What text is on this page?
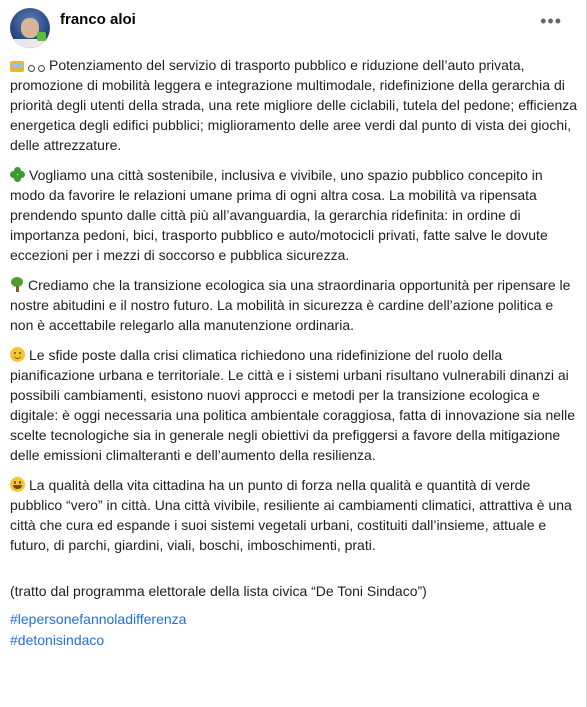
franco aloi	•••

Potenziamento del servizio di trasporto pubblico e riduzione dell’auto privata, promozione di mobilità leggera e integrazione multimodale, ridefinizione della gerarchia di priorità degli utenti della strada, una rete migliore delle ciclabili, tutela del pedone; efficienza energetica degli edifici pubblici; miglioramento delle aree verdi dal punto di vista dei giochi, delle attrezzature.

Vogliamo una città sostenibile, inclusiva e vivibile, uno spazio pubblico concepito in modo da favorire le relazioni umane prima di ogni altra cosa. La mobilità va ripensata prendendo spunto dalle città più all’avanguardia, la gerarchia ridefinita: in ordine di importanza pedoni, bici, trasporto pubblico e auto/motocicli privati, fatte salve le dovute eccezioni per i mezzi di soccorso e pubblica sicurezza.

Crediamo che la transizione ecologica sia una straordinaria opportunità per ripensare le nostre abitudini e il nostro futuro. La mobilità in sicurezza è cardine dell’azione politica e non è accettabile relegarlo alla manutenzione ordinaria.

Le sfide poste dalla crisi climatica richiedono una ridefinizione del ruolo della pianificazione urbana e territoriale. Le città e i sistemi urbani risultano vulnerabili dinanzi ai possibili cambiamenti, esistono nuovi approcci e metodi per la transizione ecologica e digitale: è oggi necessaria una politica ambientale coraggiosa, fatta di innovazione sia nelle scelte tecnologiche sia in generale negli obiettivi da prefiggersi a favore della mitigazione delle emissioni climalteranti e dell’aumento della resilienza.

La qualità della vita cittadina ha un punto di forza nella qualità e quantità di verde pubblico “vero” in città. Una città vivibile, resiliente ai cambiamenti climatici, attrattiva è una città che cura ed espande i suoi sistemi vegetali urbani, costituiti dall’insieme, attuale e futuro, di parchi, giardini, viali, boschi, imboschimenti, prati.

(tratto dal programma elettorale della lista civica “De Toni Sindaco”)

#lepersonefannoladifferenza
#detonisindaco
